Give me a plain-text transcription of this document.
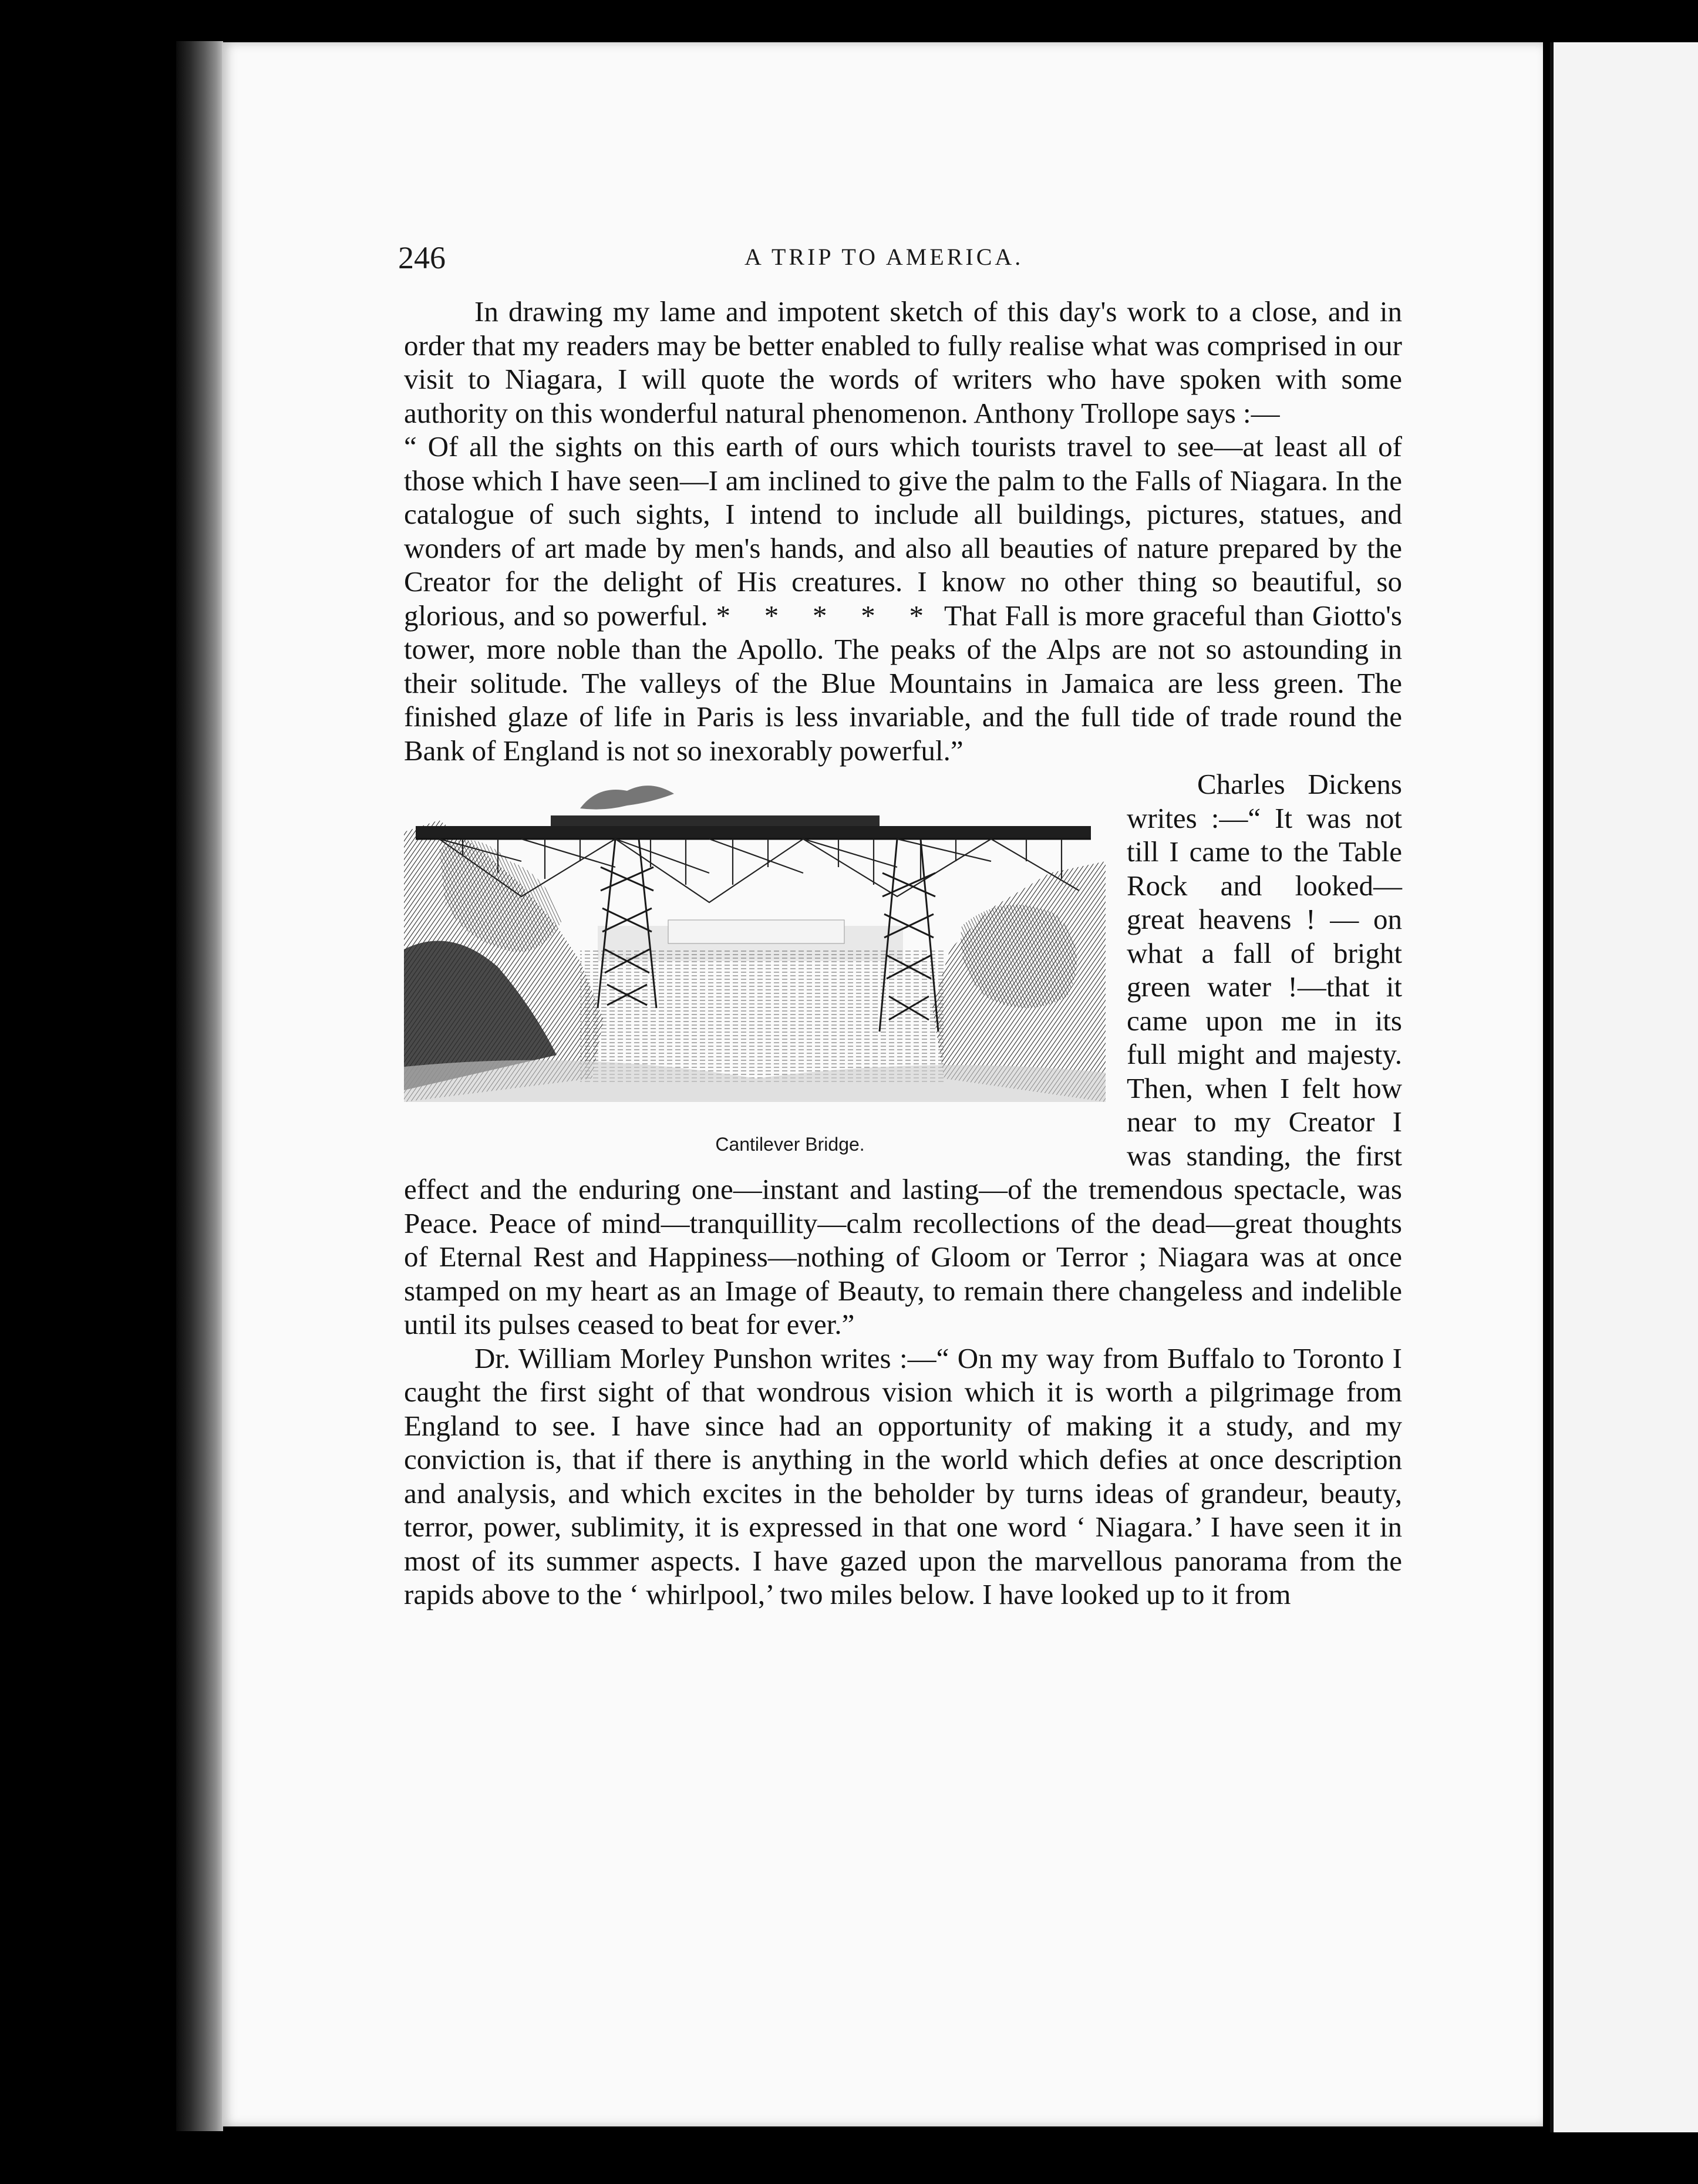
246	A TRIP TO AMERICA.

In drawing my lame and impotent sketch of this day's work to a close, and in order that my readers may be better enabled to fully realise what was comprised in our visit to Niagara, I will quote the words of writers who have spoken with some authority on this wonderful natural phenomenon. Anthony Trollope says :—

“ Of all the sights on this earth of ours which tourists travel to see—at least all of those which I have seen—I am inclined to give the palm to the Falls of Niagara. In the catalogue of such sights, I intend to include all buildings, pictures, statues, and wonders of art made by men's hands, and also all beauties of nature prepared by the Creator for the delight of His creatures. I know no other thing so beautiful, so glorious, and so powerful. * * * * * That Fall is more graceful than Giotto's tower, more noble than the Apollo. The peaks of the Alps are not so astounding in their solitude. The valleys of the Blue Mountains in Jamaica are less green. The finished glaze of life in Paris is less invariable, and the full tide of trade round the Bank of England is not so inexorably powerful.”

Cantilever Bridge.

Charles Dickens writes :—“ It was not till I came to the Table Rock and looked—great heavens ! — on what a fall of bright green water !—that it came upon me in its full might and majesty. Then, when I felt how near to my Creator I was standing, the first effect and the enduring one—instant and lasting—of the tremendous spectacle, was Peace. Peace of mind—tranquillity—calm recollections of the dead—great thoughts of Eternal Rest and Happiness—nothing of Gloom or Terror ; Niagara was at once stamped on my heart as an Image of Beauty, to remain there changeless and indelible until its pulses ceased to beat for ever.”

Dr. William Morley Punshon writes :—“ On my way from Buffalo to Toronto I caught the first sight of that wondrous vision which it is worth a pilgrimage from England to see. I have since had an opportunity of making it a study, and my conviction is, that if there is anything in the world which defies at once description and analysis, and which excites in the beholder by turns ideas of grandeur, beauty, terror, power, sublimity, it is expressed in that one word ‘ Niagara.’ I have seen it in most of its summer aspects. I have gazed upon the marvellous panorama from the rapids above to the ‘ whirlpool,’ two miles below. I have looked up to it from
